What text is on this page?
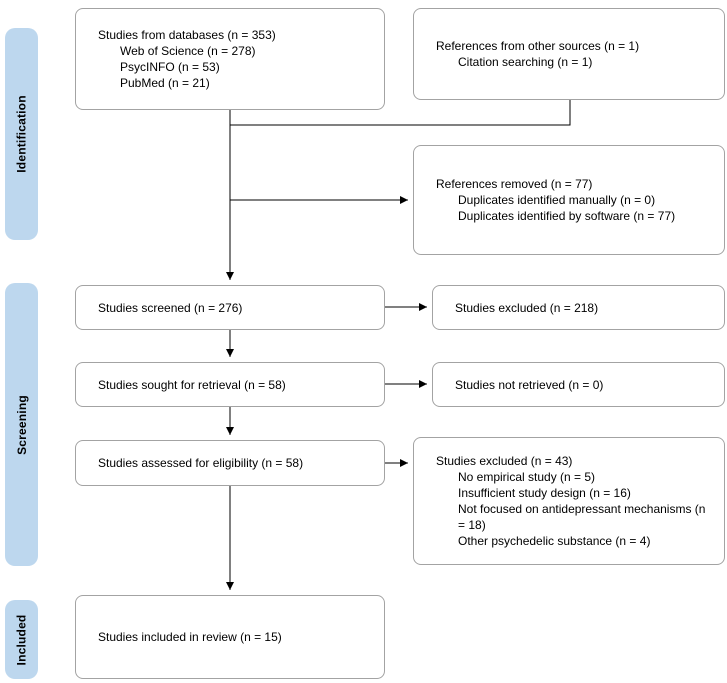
Identification
Screening
Included
Studies from databases (n = 353)
Web of Science (n = 278)
PsycINFO (n = 53)
PubMed (n = 21)
References from other sources (n = 1)
Citation searching (n = 1)
References removed (n = 77)
Duplicates identified manually (n = 0)
Duplicates identified by software (n = 77)
Studies screened (n = 276)	Studies excluded (n = 218)
Studies sought for retrieval (n = 58)	Studies not retrieved (n = 0)
Studies assessed for eligibility (n = 58)	Studies excluded (n = 43)
No empirical study (n = 5)
Insufficient study design (n = 16)
Not focused on antidepressant mechanisms (n = 18)
Other psychedelic substance (n = 4)
Studies included in review (n = 15)
